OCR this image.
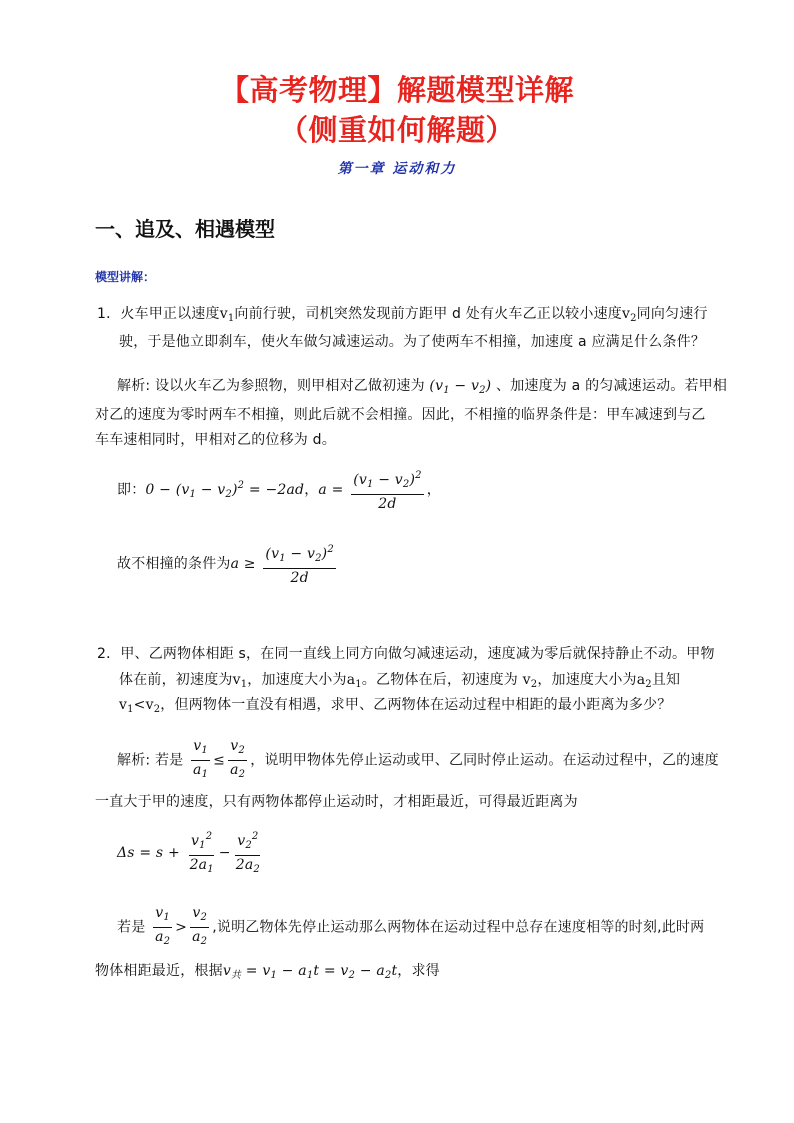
【高考物理】解题模型详解
（侧重如何解题）
第一章 运动和力
一、追及、相遇模型
模型讲解：
1．火车甲正以速度$v_1$向前行驶，司机突然发现前方距甲 d 处有火车乙正以较小速度$v_2$同向匀速行
驶，于是他立即刹车，使火车做匀减速运动。为了使两车不相撞，加速度 a 应满足什么条件？
解析: 设以火车乙为参照物，则甲相对乙做初速为 $(v_1 - v_2)$ 、加速度为 a 的匀减速运动。若甲相
对乙的速度为零时两车不相撞，则此后就不会相撞。因此，不相撞的临界条件是：甲车减速到与乙
车车速相同时，甲相对乙的位移为 d。
即：$0 - (v_1 - v_2)^2 = -2ad$，$a = \frac{(v_1 - v_2)^2}{2d}$ ，
故不相撞的条件为$a \ge \frac{(v_1 - v_2)^2}{2d}$
2．甲、乙两物体相距 s，在同一直线上同方向做匀减速运动，速度减为零后就保持静止不动。甲物
体在前，初速度为$v_1$，加速度大小为$a_1$。乙物体在后，初速度为 $v_2$，加速度大小为$a_2$且知
$v_1<v_2$，但两物体一直没有相遇，求甲、乙两物体在运动过程中相距的最小距离为多少？
解析: 若是 $\frac{v_1}{a_1} \le \frac{v_2}{a_2}$ ，说明甲物体先停止运动或甲、乙同时停止运动。在运动过程中，乙的速度
一直大于甲的速度，只有两物体都停止运动时，才相距最近，可得最近距离为
$\Delta s = s + \frac{v_1^2}{2a_1} - \frac{v_2^2}{2a_2}$
若是 $\frac{v_1}{a_2} > \frac{v_2}{a_2}$ ,说明乙物体先停止运动那么两物体在运动过程中总存在速度相等的时刻,此时两
物体相距最近，根据$v_共 = v_1 - a_1t = v_2 - a_2t$，求得
